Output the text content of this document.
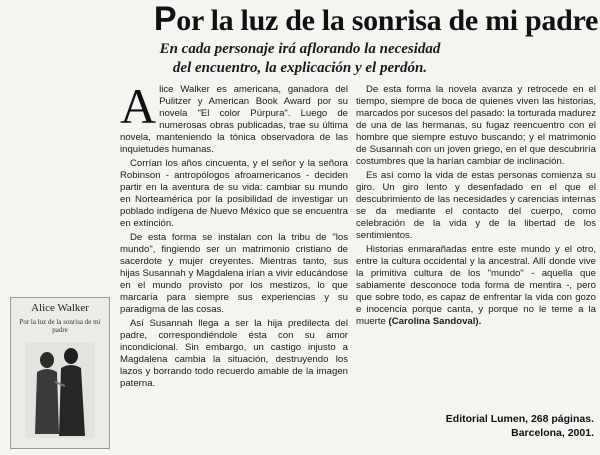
Por la luz de la sonrisa de mi padre
En cada personaje irá aflorando la necesidad
del encuentro, la explicación y el perdón.

Alice Walker es americana, ganadora del Pulitzer y American Book Award por su novela "El color Púrpura". Luego de numerosas obras publicadas, trae su última novela, manteniendo la tónica observadora de las inquietudes humanas.

Corrían los años cincuenta, y el señor y la señora Robinson - antropólogos afroamericanos - deciden partir en la aventura de su vida: cambiar su mundo en Norteamérica por la posibilidad de investigar un poblado indígena de Nuevo México que se encuentra en extinción.

De esta forma se instalan con la tribu de "los mundo", fingiendo ser un matrimonio cristiano de sacerdote y mujer creyentes. Mientras tanto, sus hijas Susannah y Magdalena irían a vivir educándose en el mundo provisto por los mestizos, lo que marcaría para siempre sus experiencias y su paradigma de las cosas.

Así Susannah llega a ser la hija predilecta del padre, correspondiéndole ésta con su amor incondicional. Sin embargo, un castigo injusto a Magdalena cambia la situación, destruyendo los lazos y borrando todo recuerdo amable de la imagen paterna.

De esta forma la novela avanza y retrocede en el tiempo, siempre de boca de quienes viven las historias, marcados por sucesos del pasado: la torturada madurez de una de las hermanas, su fugaz reencuentro con el hombre que siempre estuvo buscando; y el matrimonio de Susannah con un joven griego, en el que descubriría costumbres que la harían cambiar de inclinación.

Es así como la vida de estas personas comienza su giro. Un giro lento y desenfadado en el que el descubrimiento de las necesidades y carencias internas se da mediante el contacto del cuerpo, como celebración de la vida y de la libertad de los sentimientos.

Historias enmarañadas entre este mundo y el otro, entre la cultura occidental y la ancestral. Allí donde vive la primitiva cultura de los "mundo" - aquella que sabiamente desconoce toda forma de mentira -, pero que sobre todo, es capaz de enfrentar la vida con gozo e inocencia porque canta, y porque no le teme a la muerte (Carolina Sandoval).

Editorial Lumen, 268 páginas.
Barcelona, 2001.
Alice Walker
Por la luz de la sonrisa de mi padre
